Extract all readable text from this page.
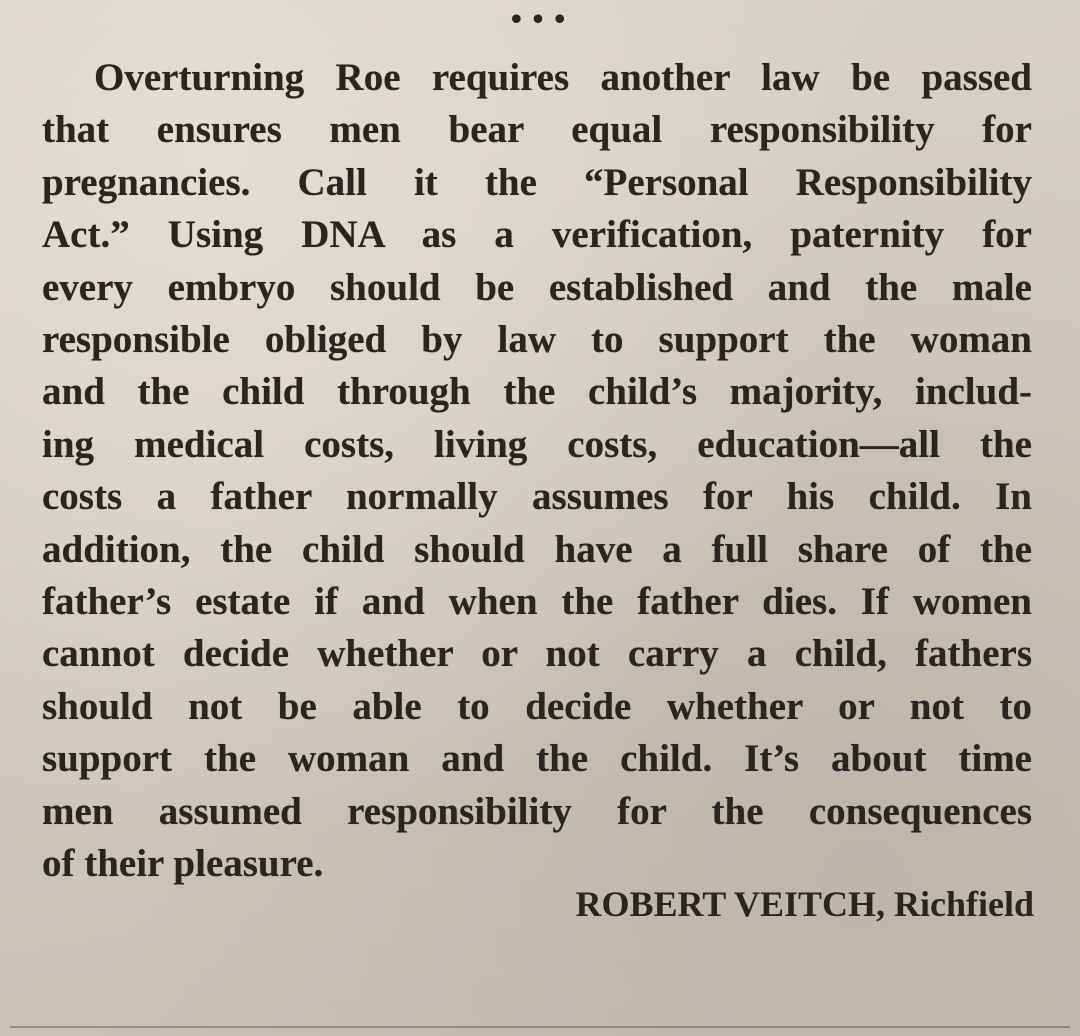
•••
Overturning Roe requires another law be passed
that ensures men bear equal responsibility for
pregnancies. Call it the “Personal Responsibility
Act.” Using DNA as a verification, paternity for
every embryo should be established and the male
responsible obliged by law to support the woman
and the child through the child’s majority, includ-
ing medical costs, living costs, education—all the
costs a father normally assumes for his child. In
addition, the child should have a full share of the
father’s estate if and when the father dies. If women
cannot decide whether or not carry a child, fathers
should not be able to decide whether or not to
support the woman and the child. It’s about time
men assumed responsibility for the consequences
of their pleasure.
ROBERT VEITCH, Richfield
